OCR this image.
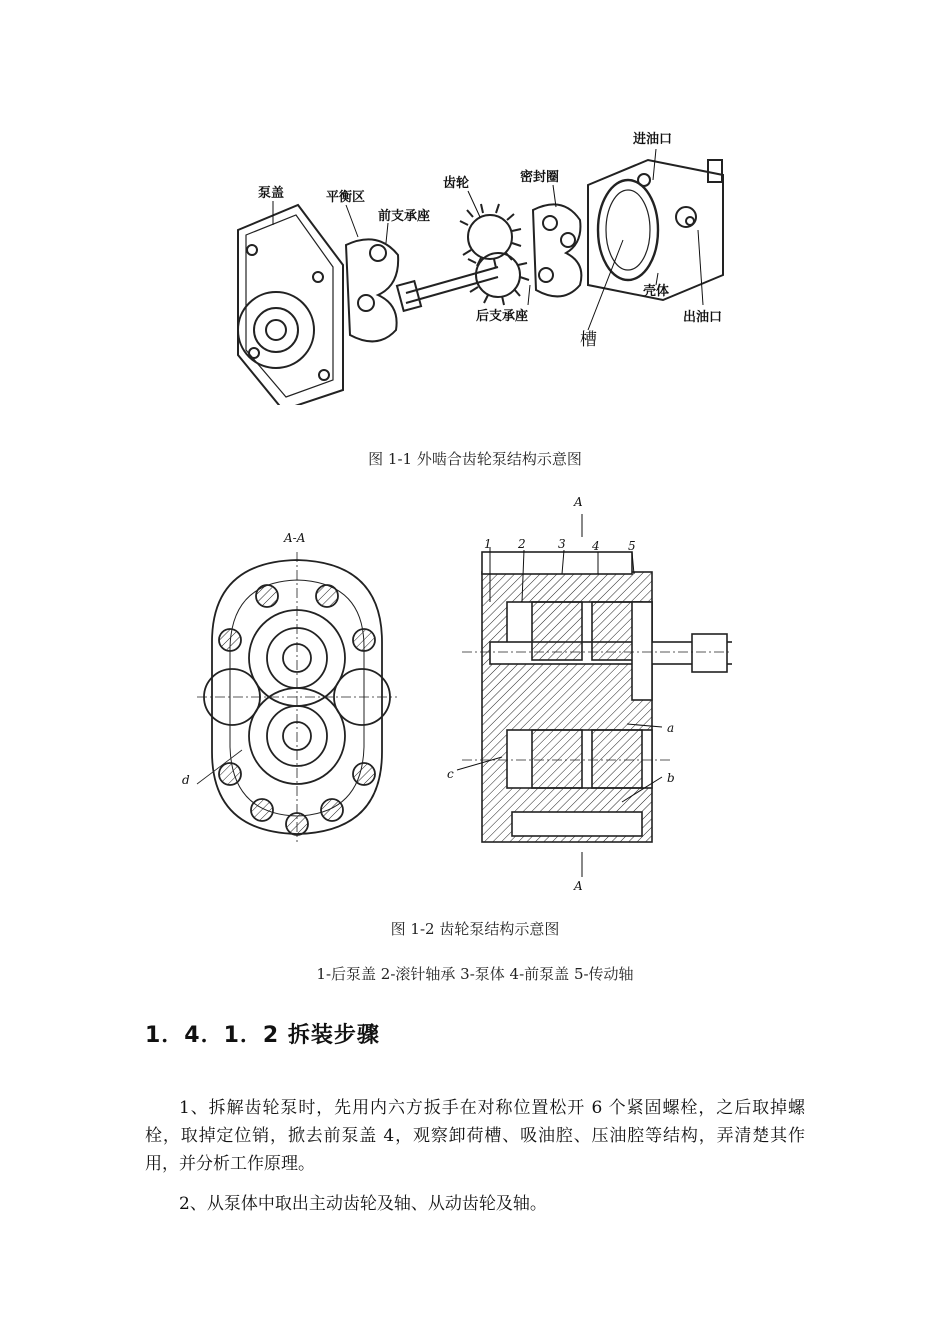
泵盖	平衡区
前支承座
齿轮	密封圈
进油口
后支承座
壳体
出油口
槽
图 1-1 外啮合齿轮泵结构示意图
A-A
d
A
A
1 2	3 4 5
a
b
c
图 1-2 齿轮泵结构示意图
1-后泵盖 2-滚针轴承 3-泵体 4-前泵盖 5-传动轴
1．4．1．2 拆装步骤
1、拆解齿轮泵时，先用内六方扳手在对称位置松开 6 个紧固螺栓，之后取掉螺栓，取掉定位销，掀去前泵盖 4，观察卸荷槽、吸油腔、压油腔等结构，弄清楚其作用，并分析工作原理。
2、从泵体中取出主动齿轮及轴、从动齿轮及轴。
